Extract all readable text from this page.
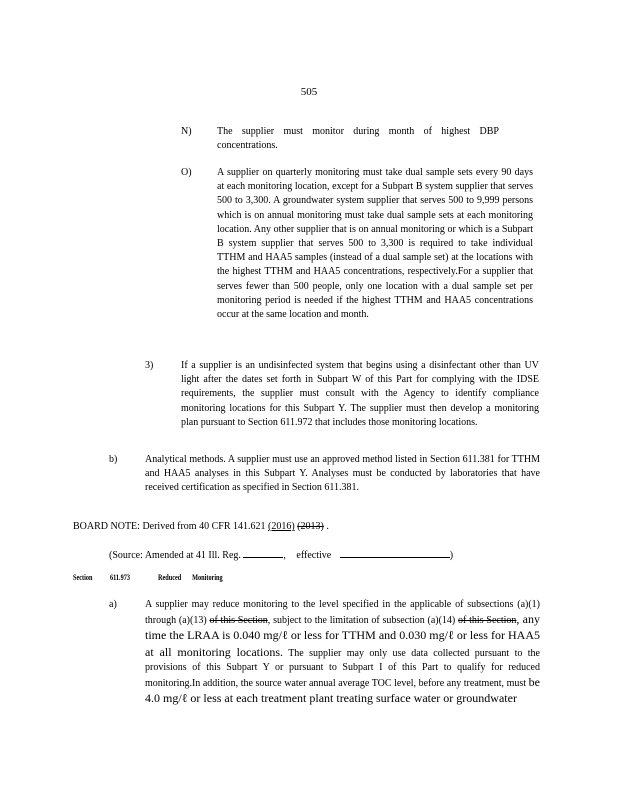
505
N)	The supplier must monitor during month of highest DBP concentrations.
O)	A supplier on quarterly monitoring must take dual sample sets every 90 days at each monitoring location, except for a Subpart B system supplier that serves 500 to 3,300. A groundwater system supplier that serves 500 to 9,999 persons which is on annual monitoring must take dual sample sets at each monitoring location. Any other supplier that is on annual monitoring or which is a Subpart B system supplier that serves 500 to 3,300 is required to take individual TTHM and HAA5 samples (instead of a dual sample set) at the locations with the highest TTHM and HAA5 concentrations, respectively.For a supplier that serves fewer than 500 people, only one location with a dual sample set per monitoring period is needed if the highest TTHM and HAA5 concentrations occur at the same location and month.
3)	If a supplier is an undisinfected system that begins using a disinfectant other than UV light after the dates set forth in Subpart W of this Part for complying with the IDSE requirements, the supplier must consult with the Agency to identify compliance monitoring locations for this Subpart Y. The supplier must then develop a monitoring plan pursuant to Section 611.972 that includes those monitoring locations.
b)	Analytical methods. A supplier must use an approved method listed in Section 611.381 for TTHM and HAA5 analyses in this Subpart Y. Analyses must be conducted by laboratories that have received certification as specified in Section 611.381.
BOARD NOTE: Derived from 40 CFR 141.621 (2016) (2013) .
(Source: Amended at 41 Ill. Reg.	, effective	)
Section 611.973	Reduced Monitoring
a)	A supplier may reduce monitoring to the level specified in the applicable of subsections (a)(1) through (a)(13) of this Section, subject to the limitation of subsection (a)(14) of this Section, any time the LRAA is 0.040 mg/ℓ or less for TTHM and 0.030 mg/ℓ or less for HAA5 at all monitoring locations. The supplier may only use data collected pursuant to the provisions of this Subpart Y or pursuant to Subpart I of this Part to qualify for reduced monitoring.In addition, the source water annual average TOC level, before any treatment, must be 4.0 mg/ℓ or less at each treatment plant treating surface water or groundwater
